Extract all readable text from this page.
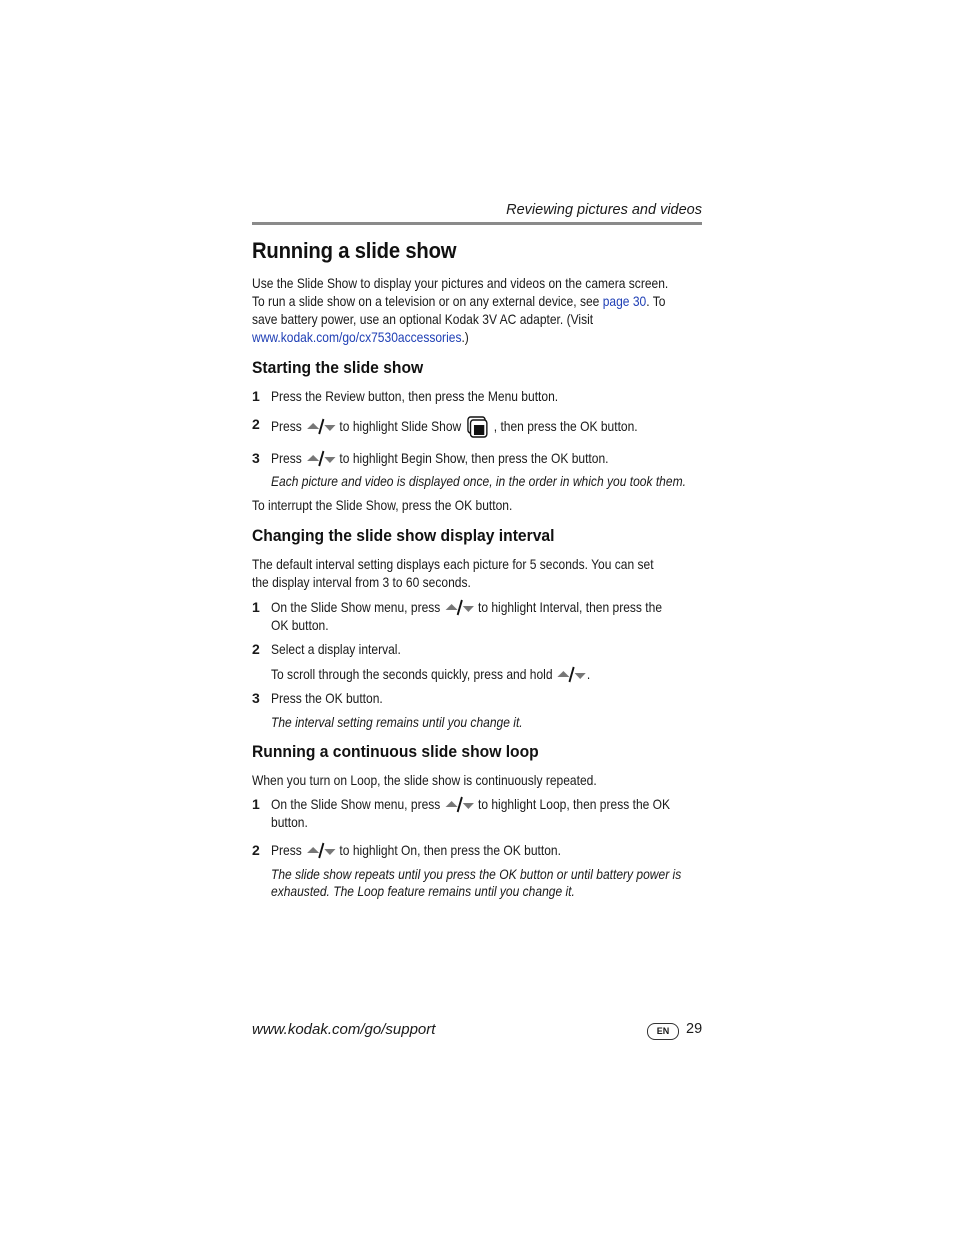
Reviewing pictures and videos
Running a slide show

Use the Slide Show to display your pictures and videos on the camera screen.

To run a slide show on a television or on any external device, see page 30. To

save battery power, use an optional Kodak 3V AC adapter. (Visit

www.kodak.com/go/cx7530accessories.)

Starting the slide show
1 Press the Review button, then press the Menu button.

2 Press	to highlight Slide Show , then press the OK button.

3 Press	to highlight Begin Show, then press the OK button.

Each picture and video is displayed once, in the order in which you took them.

To interrupt the Slide Show, press the OK button.

Changing the slide show display interval

The default interval setting displays each picture for 5 seconds. You can set

the display interval from 3 to 60 seconds.

1 On the Slide Show menu, press	to highlight Interval, then press the

OK button.

2 Select a display interval.

To scroll through the seconds quickly, press and hold .

3 Press the OK button.

The interval setting remains until you change it.

Running a continuous slide show loop

When you turn on Loop, the slide show is continuously repeated.

1 On the Slide Show menu, press	to highlight Loop, then press the OK

button.

2 Press	to highlight On, then press the OK button.

The slide show repeats until you press the OK button or until battery power is

exhausted. The Loop feature remains until you change it.

www.kodak.com/go/support	EN	29
